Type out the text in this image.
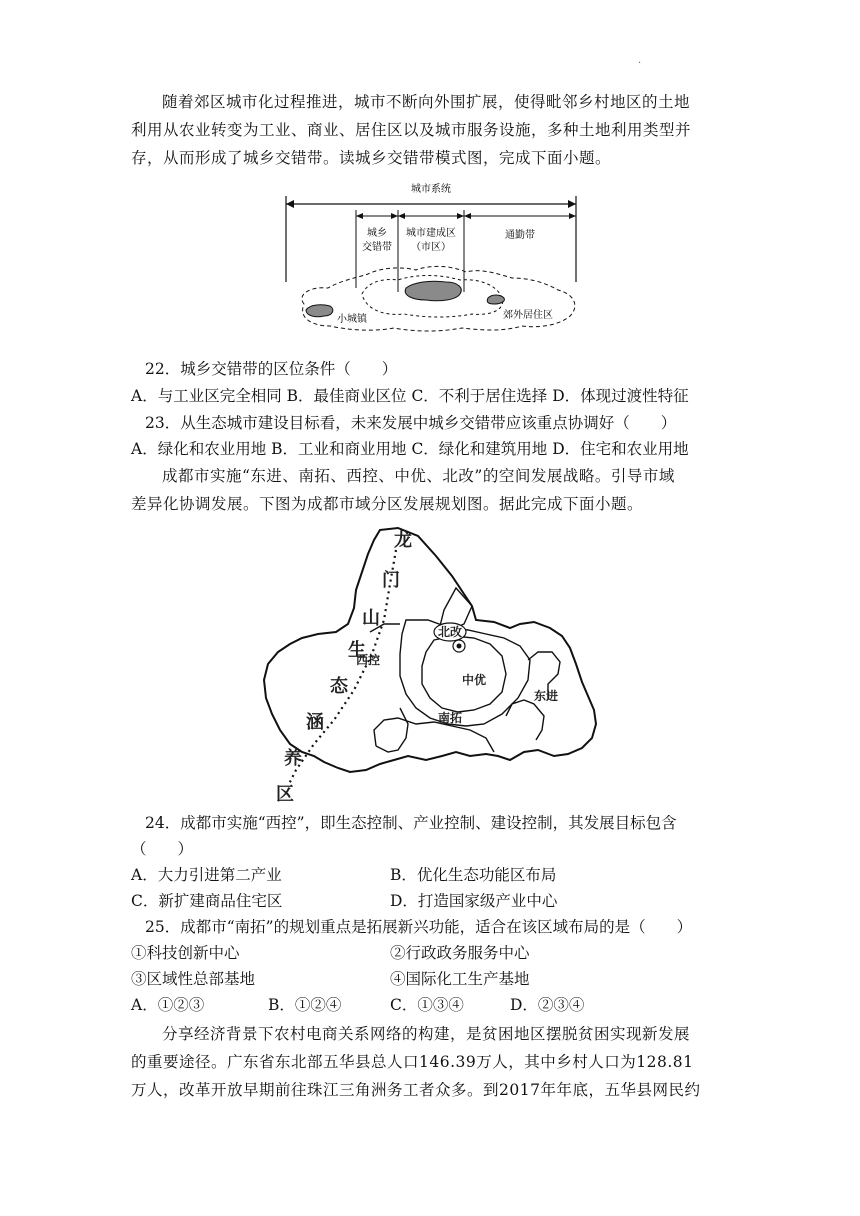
·
随着郊区城市化过程推进，城市不断向外围扩展，使得毗邻乡村地区的土地
利用从农业转变为工业、商业、居住区以及城市服务设施，多种土地利用类型并
存，从而形成了城乡交错带。读城乡交错带模式图，完成下面小题。
城市系统
城乡
交错带
城市建成区
（市区）
通勤带
小城镇	郊外居住区
22．城乡交错带的区位条件（　　）
A．与工业区完全相同 B．最佳商业区位 C．不利于居住选择 D．体现过渡性特征
23．从生态城市建设目标看，未来发展中城乡交错带应该重点协调好（　　）
A．绿化和农业用地 B．工业和商业用地 C．绿化和建筑用地 D．住宅和农业用地
成都市实施“东进、南拓、西控、中优、北改”的空间发展战略。引导市域
差异化协调发展。下图为成都市域分区发展规划图。据此完成下面小题。
龙
门
山
生
态
涵
养
区
西控
北改
中优
东进
南拓
24．成都市实施“西控”，即生态控制、产业控制、建设控制，其发展目标包含
（　　）
A．大力引进第二产业	B．优化生态功能区布局
C．新扩建商品住宅区	D．打造国家级产业中心
25．成都市“南拓”的规划重点是拓展新兴功能，适合在该区域布局的是（　　）
①科技创新中心	②行政政务服务中心
③区域性总部基地	④国际化工生产基地
A．①②③	B．①②④	C．①③④	D．②③④
分享经济背景下农村电商关系网络的构建，是贫困地区摆脱贫困实现新发展
的重要途径。广东省东北部五华县总人口146.39万人，其中乡村人口为128.81
万人，改革开放早期前往珠江三角洲务工者众多。到2017年年底，五华县网民约
